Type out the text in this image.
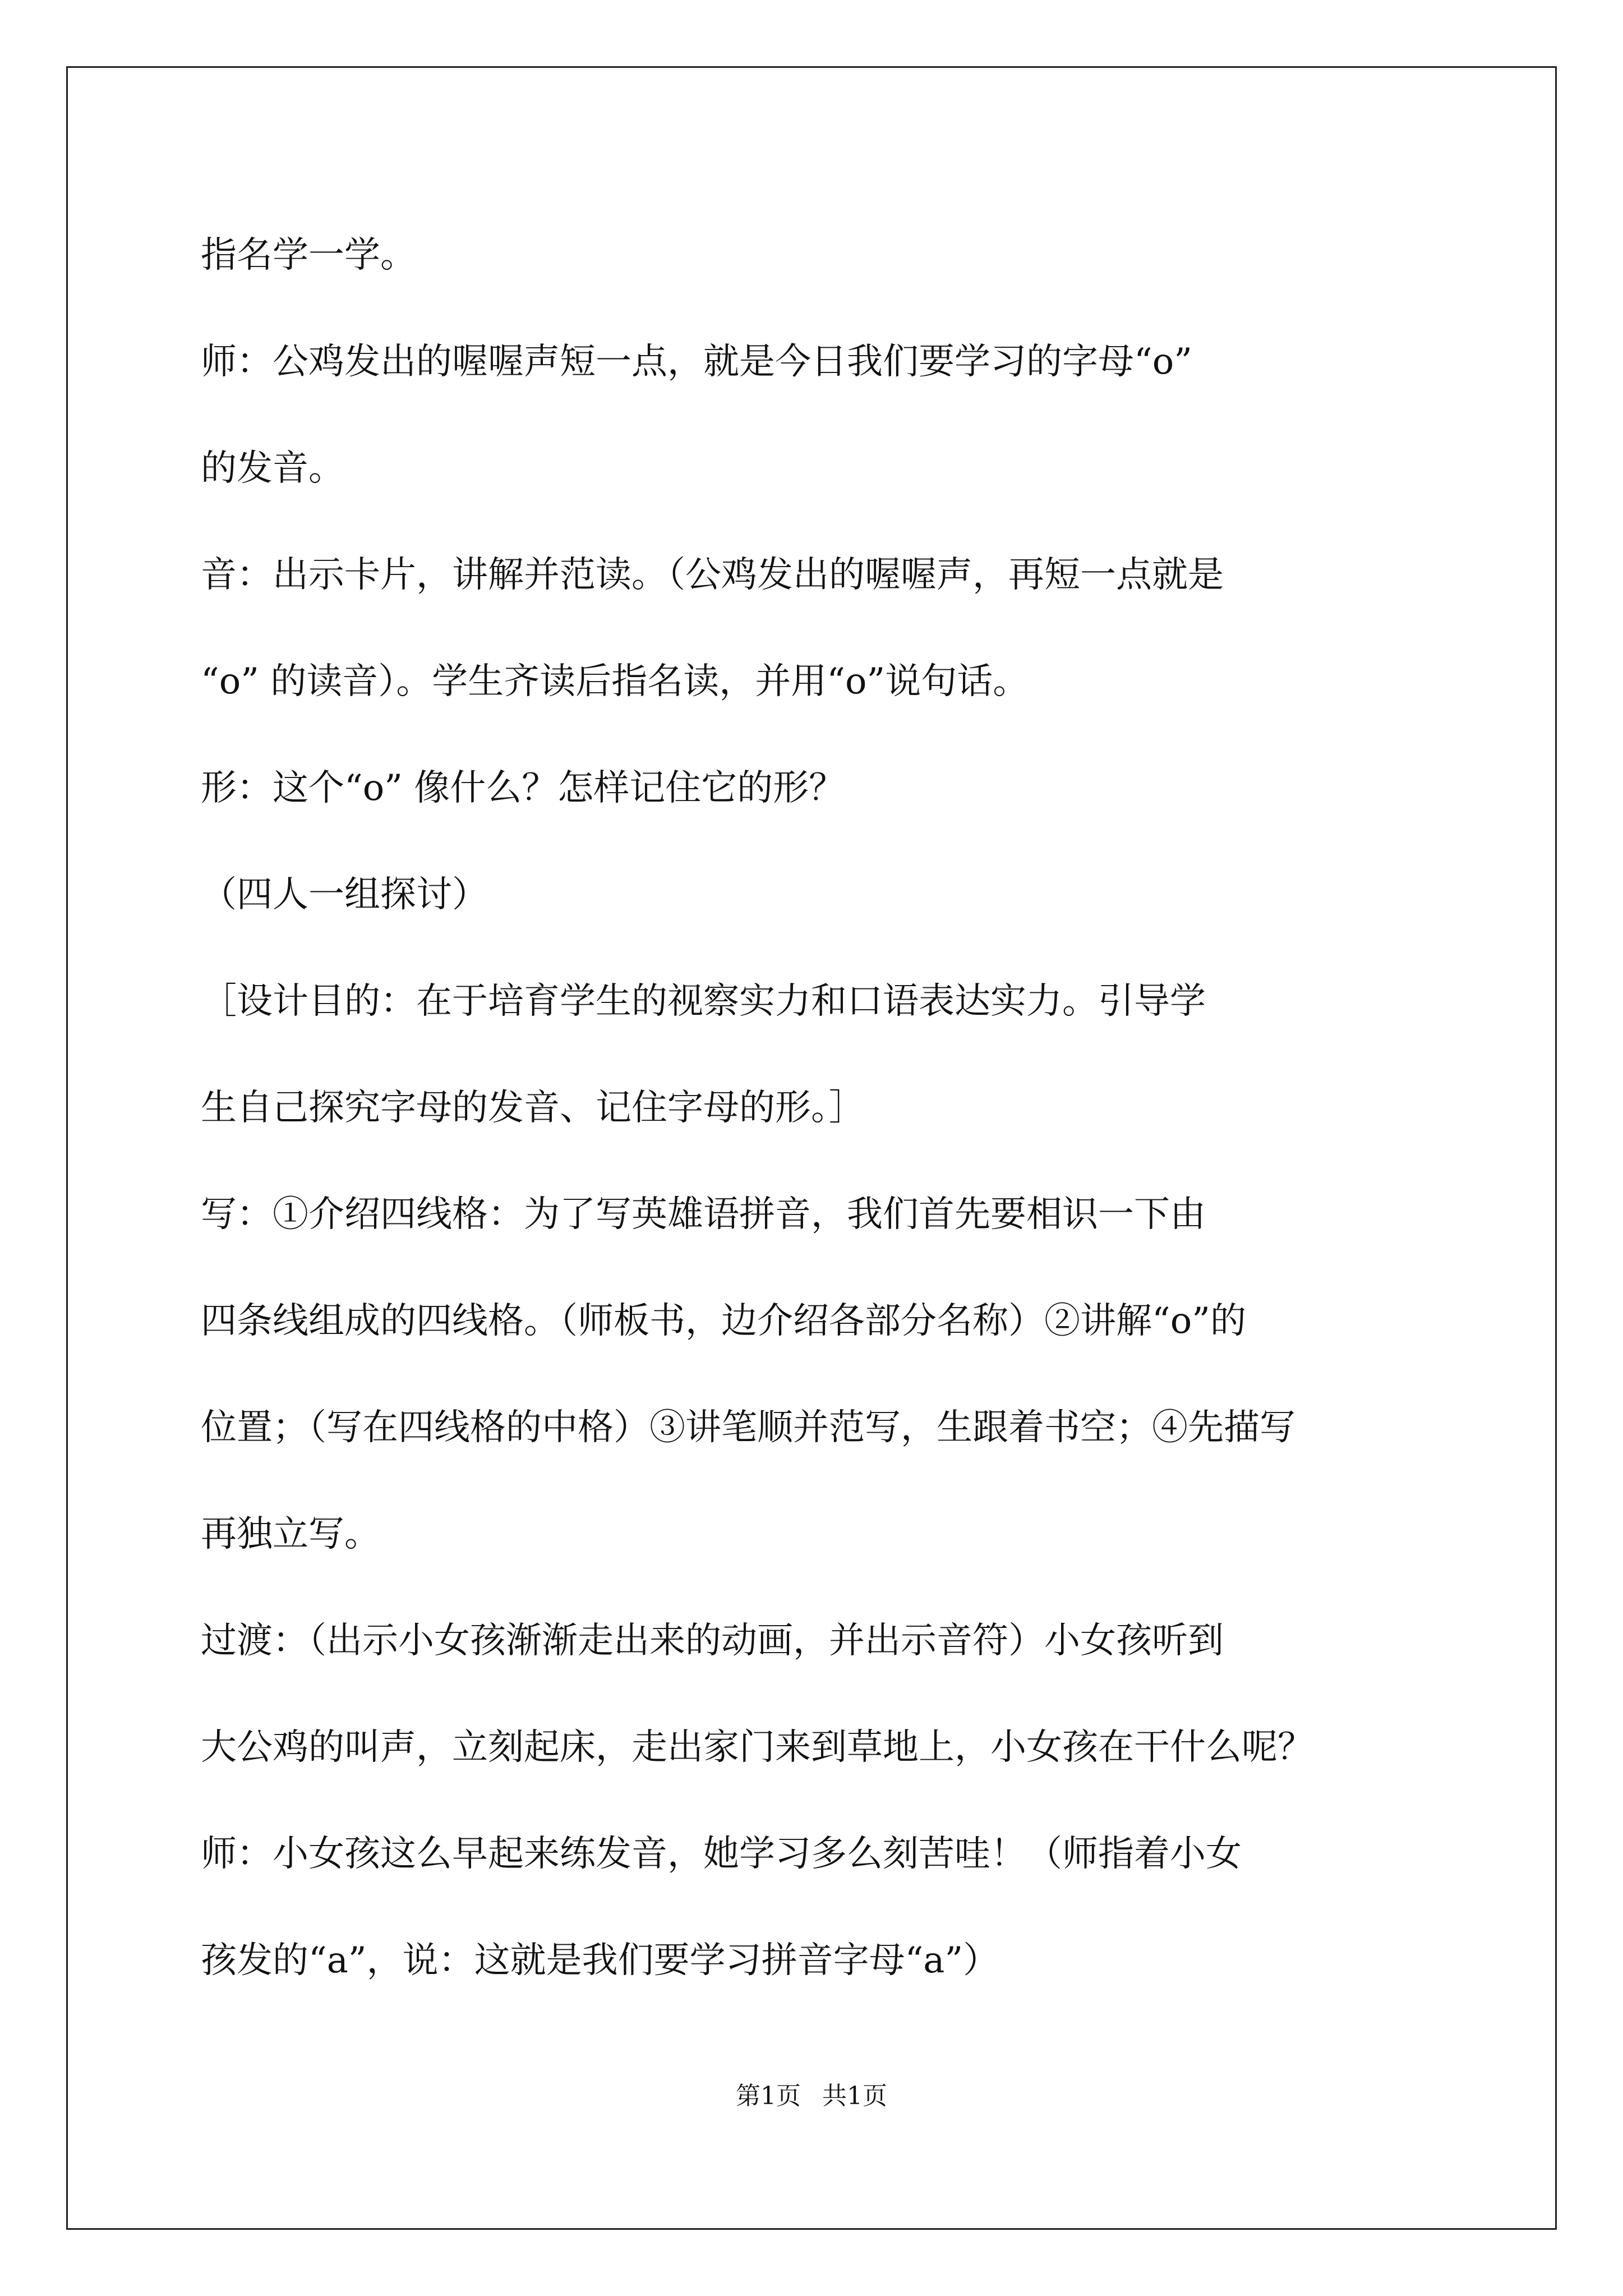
指名学一学。

师：公鸡发出的喔喔声短一点，就是今日我们要学习的字母“o”

的发音。

音：出示卡片，讲解并范读。（公鸡发出的喔喔声，再短一点就是

“o” 的读音）。学生齐读后指名读，并用“o”说句话。

形：这个“o” 像什么？怎样记住它的形？

（四人一组探讨）

［设计目的：在于培育学生的视察实力和口语表达实力。引导学

生自己探究字母的发音、记住字母的形。］

写：①介绍四线格：为了写英雄语拼音，我们首先要相识一下由

四条线组成的四线格。（师板书，边介绍各部分名称）②讲解“o”的

位置；（写在四线格的中格）③讲笔顺并范写，生跟着书空；④先描写

再独立写。

过渡：（出示小女孩渐渐走出来的动画，并出示音符）小女孩听到

大公鸡的叫声，立刻起床，走出家门来到草地上，小女孩在干什么呢？

师：小女孩这么早起来练发音，她学习多么刻苦哇！（师指着小女

孩发的“a”，说：这就是我们要学习拼音字母“a”）

第1页 共1页
